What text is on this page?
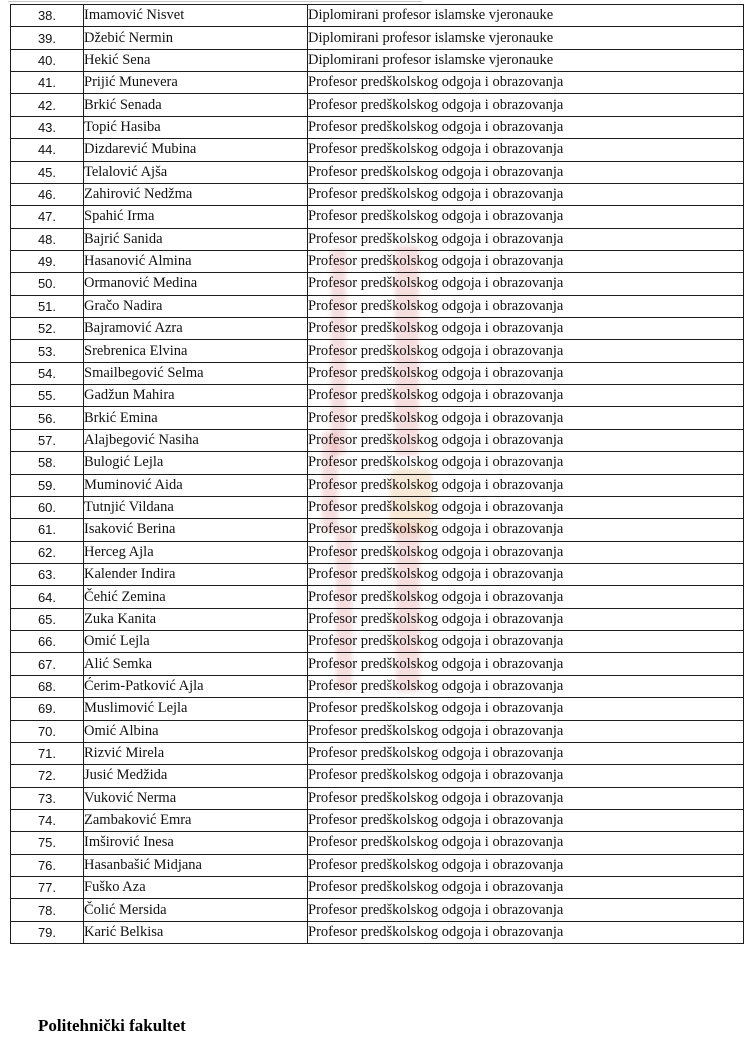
38.	Imamović Nisvet	Diplomirani profesor islamske vjeronauke
39.	Džebić Nermin	Diplomirani profesor islamske vjeronauke
40.	Hekić Sena	Diplomirani profesor islamske vjeronauke
41.	Prijić Munevera	Profesor predškolskog odgoja i obrazovanja
42.	Brkić Senada	Profesor predškolskog odgoja i obrazovanja
43.	Topić Hasiba	Profesor predškolskog odgoja i obrazovanja
44.	Dizdarević Mubina	Profesor predškolskog odgoja i obrazovanja
45.	Telalović Ajša	Profesor predškolskog odgoja i obrazovanja
46.	Zahirović Nedžma	Profesor predškolskog odgoja i obrazovanja
47.	Spahić Irma	Profesor predškolskog odgoja i obrazovanja
48.	Bajrić Sanida	Profesor predškolskog odgoja i obrazovanja
49.	Hasanović Almina	Profesor predškolskog odgoja i obrazovanja
50.	Ormanović Medina	Profesor predškolskog odgoja i obrazovanja
51.	Gračo Nadira	Profesor predškolskog odgoja i obrazovanja
52.	Bajramović Azra	Profesor predškolskog odgoja i obrazovanja
53.	Srebrenica Elvina	Profesor predškolskog odgoja i obrazovanja
54.	Smailbegović Selma	Profesor predškolskog odgoja i obrazovanja
55.	Gadžun Mahira	Profesor predškolskog odgoja i obrazovanja
56.	Brkić Emina	Profesor predškolskog odgoja i obrazovanja
57.	Alajbegović Nasiha	Profesor predškolskog odgoja i obrazovanja
58.	Bulogić Lejla	Profesor predškolskog odgoja i obrazovanja
59.	Muminović Aida	Profesor predškolskog odgoja i obrazovanja
60.	Tutnjić Vildana	Profesor predškolskog odgoja i obrazovanja
61.	Isaković Berina	Profesor predškolskog odgoja i obrazovanja
62.	Herceg Ajla	Profesor predškolskog odgoja i obrazovanja
63.	Kalender Indira	Profesor predškolskog odgoja i obrazovanja
64.	Čehić Zemina	Profesor predškolskog odgoja i obrazovanja
65.	Zuka Kanita	Profesor predškolskog odgoja i obrazovanja
66.	Omić Lejla	Profesor predškolskog odgoja i obrazovanja
67.	Alić Semka	Profesor predškolskog odgoja i obrazovanja
68.	Ćerim-Patković Ajla	Profesor predškolskog odgoja i obrazovanja
69.	Muslimović Lejla	Profesor predškolskog odgoja i obrazovanja
70.	Omić Albina	Profesor predškolskog odgoja i obrazovanja
71.	Rizvić Mirela	Profesor predškolskog odgoja i obrazovanja
72.	Jusić Medžida	Profesor predškolskog odgoja i obrazovanja
73.	Vuković Nerma	Profesor predškolskog odgoja i obrazovanja
74.	Zambaković Emra	Profesor predškolskog odgoja i obrazovanja
75.	Imširović Inesa	Profesor predškolskog odgoja i obrazovanja
76.	Hasanbašić Midjana	Profesor predškolskog odgoja i obrazovanja
77.	Fuško Aza	Profesor predškolskog odgoja i obrazovanja
78.	Čolić Mersida	Profesor predškolskog odgoja i obrazovanja
79.	Karić Belkisa	Profesor predškolskog odgoja i obrazovanja
Politehnički fakultet
